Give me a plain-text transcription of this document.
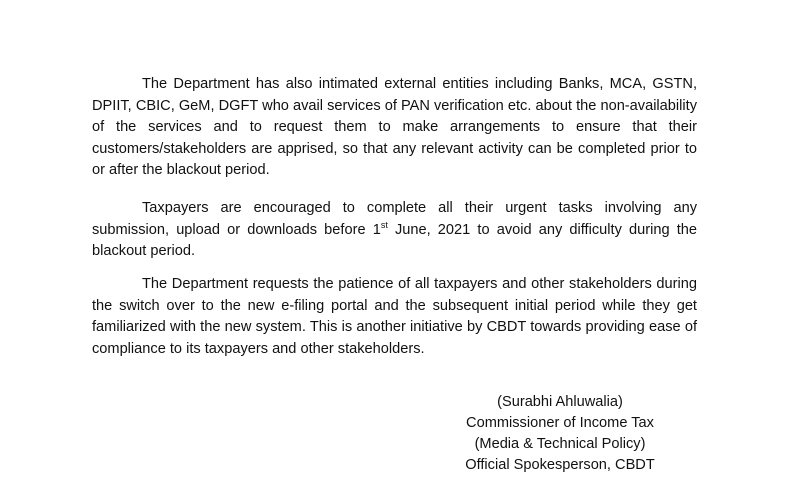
The Department has also intimated external entities including Banks, MCA, GSTN, DPIIT, CBIC, GeM, DGFT who avail services of PAN verification etc. about the non-availability of the services and to request them to make arrangements to ensure that their customers/stakeholders are apprised, so that any relevant activity can be completed prior to or after the blackout period.

Taxpayers are encouraged to complete all their urgent tasks involving any submission, upload or downloads before 1st June, 2021 to avoid any difficulty during the blackout period.

The Department requests the patience of all taxpayers and other stakeholders during the switch over to the new e-filing portal and the subsequent initial period while they get familiarized with the new system. This is another initiative by CBDT towards providing ease of compliance to its taxpayers and other stakeholders.

(Surabhi Ahluwalia)
Commissioner of Income Tax
(Media & Technical Policy)
Official Spokesperson, CBDT
